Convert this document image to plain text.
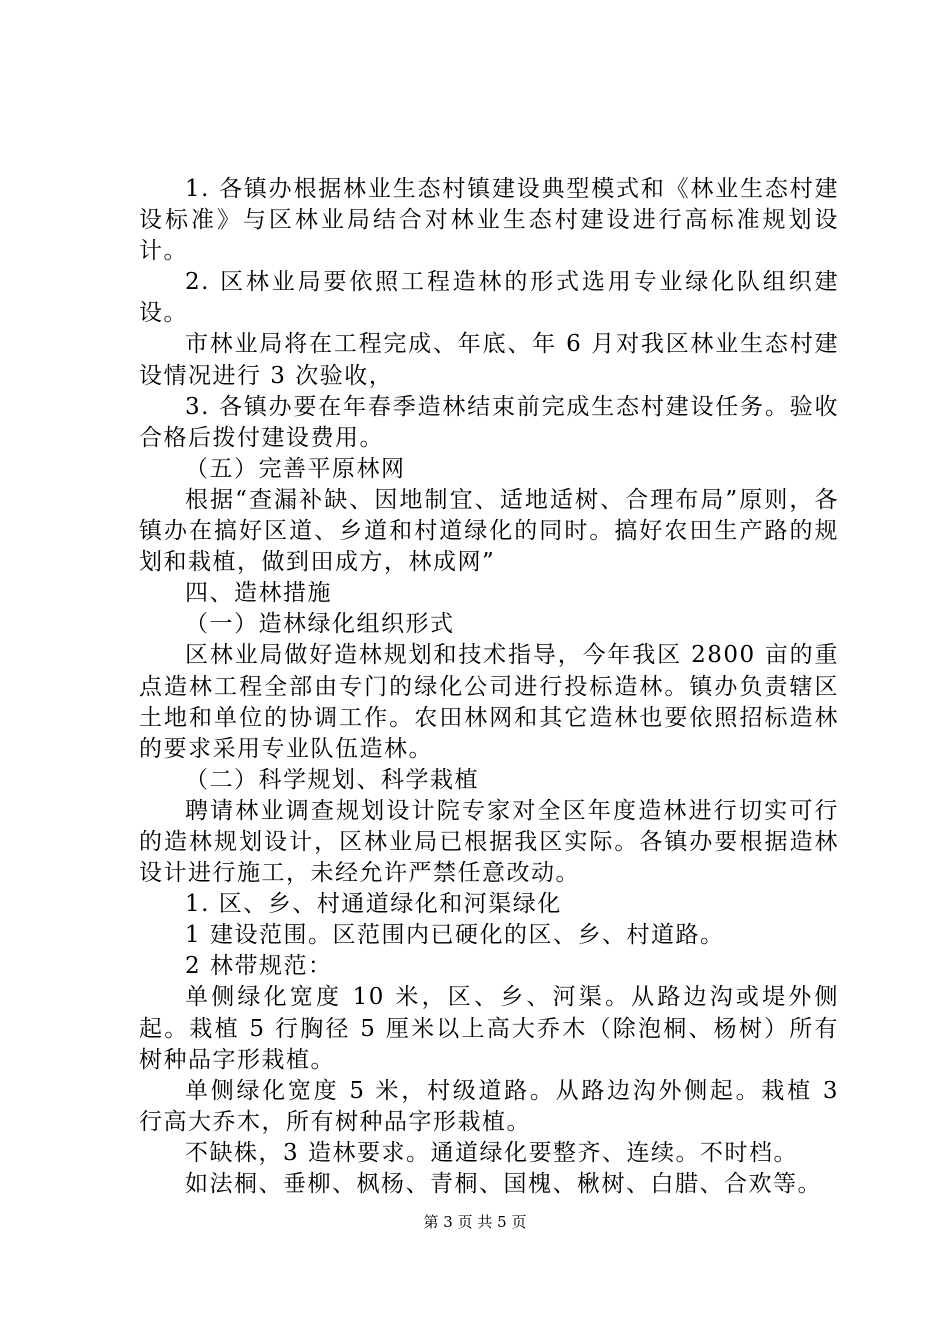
1. 各镇办根据林业生态村镇建设典型模式和《林业生态村建设标准》与区林业局结合对林业生态村建设进行高标准规划设计。

2. 区林业局要依照工程造林的形式选用专业绿化队组织建设。

市林业局将在工程完成、年底、年 6 月对我区林业生态村建设情况进行 3 次验收，

3. 各镇办要在年春季造林结束前完成生态村建设任务。验收合格后拨付建设费用。

（五）完善平原林网

根据“查漏补缺、因地制宜、适地适树、合理布局”原则，各镇办在搞好区道、乡道和村道绿化的同时。搞好农田生产路的规划和栽植，做到田成方，林成网”

四、造林措施

（一）造林绿化组织形式

区林业局做好造林规划和技术指导，今年我区 2800 亩的重点造林工程全部由专门的绿化公司进行投标造林。镇办负责辖区土地和单位的协调工作。农田林网和其它造林也要依照招标造林的要求采用专业队伍造林。

（二）科学规划、科学栽植

聘请林业调查规划设计院专家对全区年度造林进行切实可行的造林规划设计，区林业局已根据我区实际。各镇办要根据造林设计进行施工，未经允许严禁任意改动。

1. 区、乡、村通道绿化和河渠绿化

1 建设范围。区范围内已硬化的区、乡、村道路。

2 林带规范：

单侧绿化宽度 10 米，区、乡、河渠。从路边沟或堤外侧起。栽植 5 行胸径 5 厘米以上高大乔木（除泡桐、杨树）所有树种品字形栽植。

单侧绿化宽度 5 米，村级道路。从路边沟外侧起。栽植 3 行高大乔木，所有树种品字形栽植。

不缺株，3 造林要求。通道绿化要整齐、连续。不时档。

如法桐、垂柳、枫杨、青桐、国槐、楸树、白腊、合欢等。

第 3 页 共 5 页
